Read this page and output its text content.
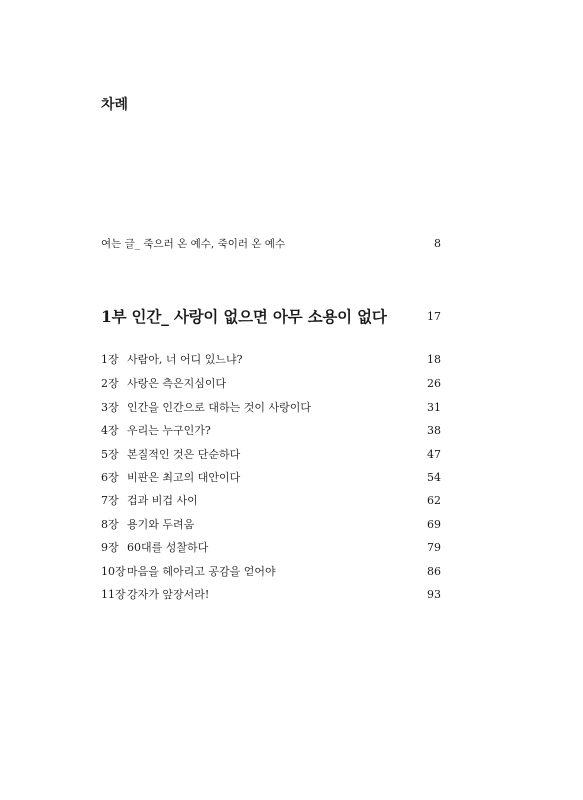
차례
여는 글_ 죽으러 온 예수, 죽이러 온 예수	8
1부 인간_ 사랑이 없으면 아무 소용이 없다	17
1장 사람아, 너 어디 있느냐?	18
2장 사랑은 측은지심이다	26
3장 인간을 인간으로 대하는 것이 사랑이다	31
4장 우리는 누구인가?	38
5장 본질적인 것은 단순하다	47
6장 비판은 최고의 대안이다	54
7장 겁과 비겁 사이	62
8장 용기와 두려움	69
9장 60대를 성찰하다	79
10장 마음을 헤아리고 공감을 얻어야	86
11장 강자가 앞장서라!	93
